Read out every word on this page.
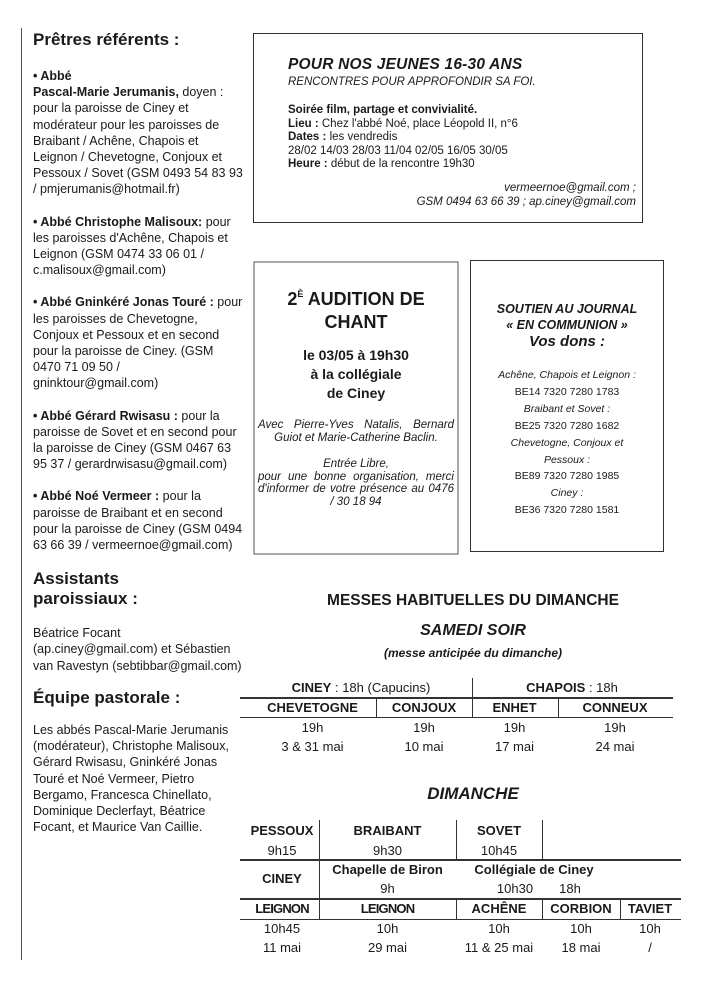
Prêtres référents :
• Abbé
Pascal-Marie Jerumanis, doyen : pour la paroisse de Ciney et modérateur pour les paroisses de Braibant / Achêne, Chapois et Leignon / Chevetogne, Conjoux et Pessoux / Sovet (GSM 0493 54 83 93 / pmjerumanis@hotmail.fr)
• Abbé Christophe Malisoux: pour les paroisses d'Achêne, Chapois et Leignon (GSM 0474 33 06 01 / c.malisoux@gmail.com)
• Abbé Gninkéré Jonas Touré : pour les paroisses de Chevetogne, Conjoux et Pessoux et en second pour la paroisse de Ciney. (GSM 0470 71 09 50 / gninktour@gmail.com)
• Abbé Gérard Rwisasu : pour la paroisse de Sovet et en second pour la paroisse de Ciney (GSM 0467 63 95 37 / gerardrwisasu@gmail.com)
• Abbé Noé Vermeer : pour la paroisse de Braibant et en second pour la paroisse de Ciney (GSM 0494 63 66 39 / vermeernoe@gmail.com)
Assistants
paroissiaux :
Béatrice Focant (ap.ciney@gmail.com) et Sébastien van Ravestyn (sebtibbar@gmail.com)
Équipe pastorale :
Les abbés Pascal-Marie Jerumanis (modérateur), Christophe Malisoux, Gérard Rwisasu, Gninkéré Jonas Touré et Noé Vermeer, Pietro Bergamo, Francesca Chinellato, Dominique Declerfayt, Béatrice Focant, et Maurice Van Caillie.
POUR NOS JEUNES 16-30 ANS
RENCONTRES POUR APPROFONDIR SA FOI.
Soirée film, partage et convivialité.
Lieu : Chez l'abbé Noé, place Léopold II, n°6
Dates : les vendredis
28/02 14/03 28/03 11/04 02/05 16/05 30/05
Heure : début de la rencontre 19h30
vermeernoe@gmail.com ;
GSM 0494 63 66 39 ; ap.ciney@gmail.com
$2^È$ AUDITION DE
CHANT
le 03/05 à 19h30
à la collégiale
de Ciney
Avec Pierre-Yves Natalis, Bernard Guiot et Marie-Catherine Baclin.
Entrée Libre,
pour une bonne organisation, merci d'informer de votre présence au 0476 / 30 18 94
SOUTIEN AU JOURNAL
« EN COMMUNION »
Vos dons :
Achêne, Chapois et Leignon :
BE14 7320 7280 1783
Braibant et Sovet :
BE25 7320 7280 1682
Chevetogne, Conjoux et
Pessoux :
BE89 7320 7280 1985
Ciney :
BE36 7320 7280 1581
MESSES HABITUELLES DU DIMANCHE
SAMEDI SOIR
(messe anticipée du dimanche)
CINEY : 18h (Capucins)	CHAPOIS : 18h
CHEVETOGNE
19h
3 & 31 mai
CONJOUX
19h
10 mai
ENHET
19h
17 mai
CONNEUX
19h
24 mai
DIMANCHE
PESSOUX
9h15
BRAIBANT
9h30
SOVET
10h45
CINEY
Chapelle de Biron
9h
Collégiale de Ciney
10h30	18h
LEIGNON
10h45
11 mai
LEIGNON
10h
29 mai
ACHÊNE
10h
11 & 25 mai
CORBION
10h
18 mai
TAVIET
10h
/
